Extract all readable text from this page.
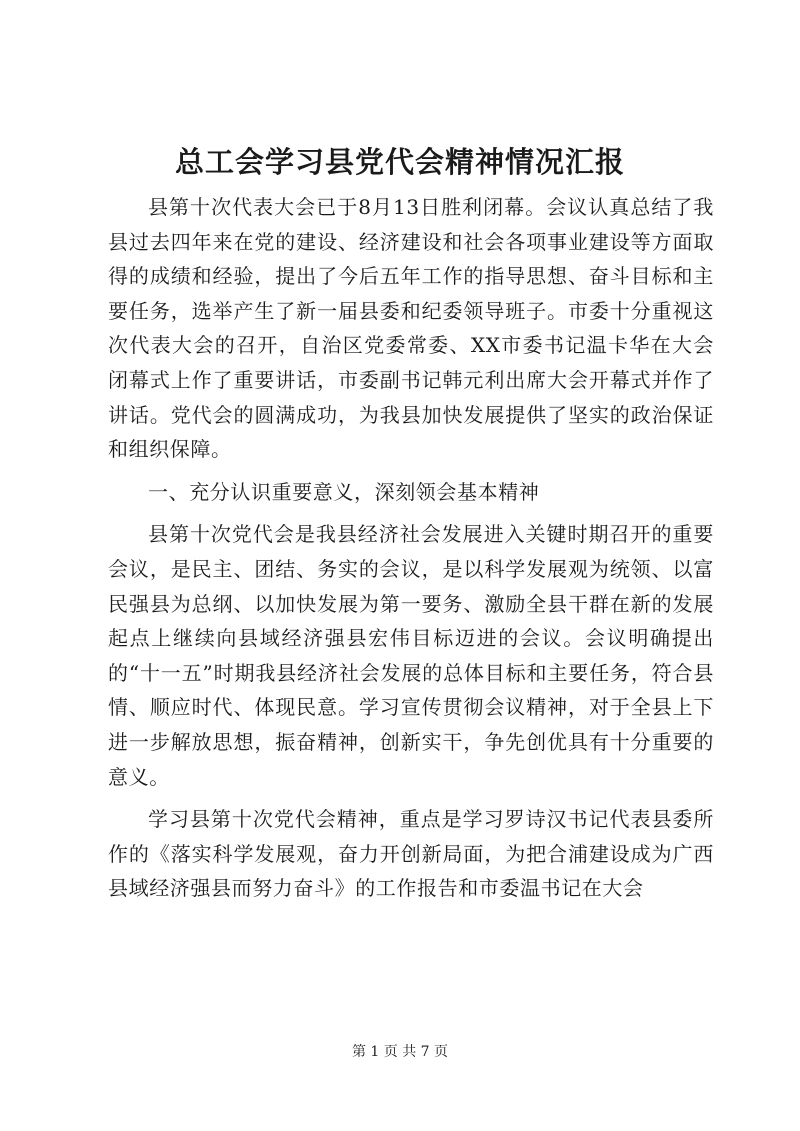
总工会学习县党代会精神情况汇报

县第十次代表大会已于8月13日胜利闭幕。会议认真总结了我县过去四年来在党的建设、经济建设和社会各项事业建设等方面取得的成绩和经验，提出了今后五年工作的指导思想、奋斗目标和主要任务，选举产生了新一届县委和纪委领导班子。市委十分重视这次代表大会的召开，自治区党委常委、XX市委书记温卡华在大会闭幕式上作了重要讲话，市委副书记韩元利出席大会开幕式并作了讲话。党代会的圆满成功，为我县加快发展提供了坚实的政治保证和组织保障。

一、充分认识重要意义，深刻领会基本精神

县第十次党代会是我县经济社会发展进入关键时期召开的重要会议，是民主、团结、务实的会议，是以科学发展观为统领、以富民强县为总纲、以加快发展为第一要务、激励全县干群在新的发展起点上继续向县域经济强县宏伟目标迈进的会议。会议明确提出的“十一五”时期我县经济社会发展的总体目标和主要任务，符合县情、顺应时代、体现民意。学习宣传贯彻会议精神，对于全县上下进一步解放思想，振奋精神，创新实干，争先创优具有十分重要的意义。

学习县第十次党代会精神，重点是学习罗诗汉书记代表县委所作的《落实科学发展观，奋力开创新局面，为把合浦建设成为广西县域经济强县而努力奋斗》的工作报告和市委温书记在大会

第 1 页 共 7 页
